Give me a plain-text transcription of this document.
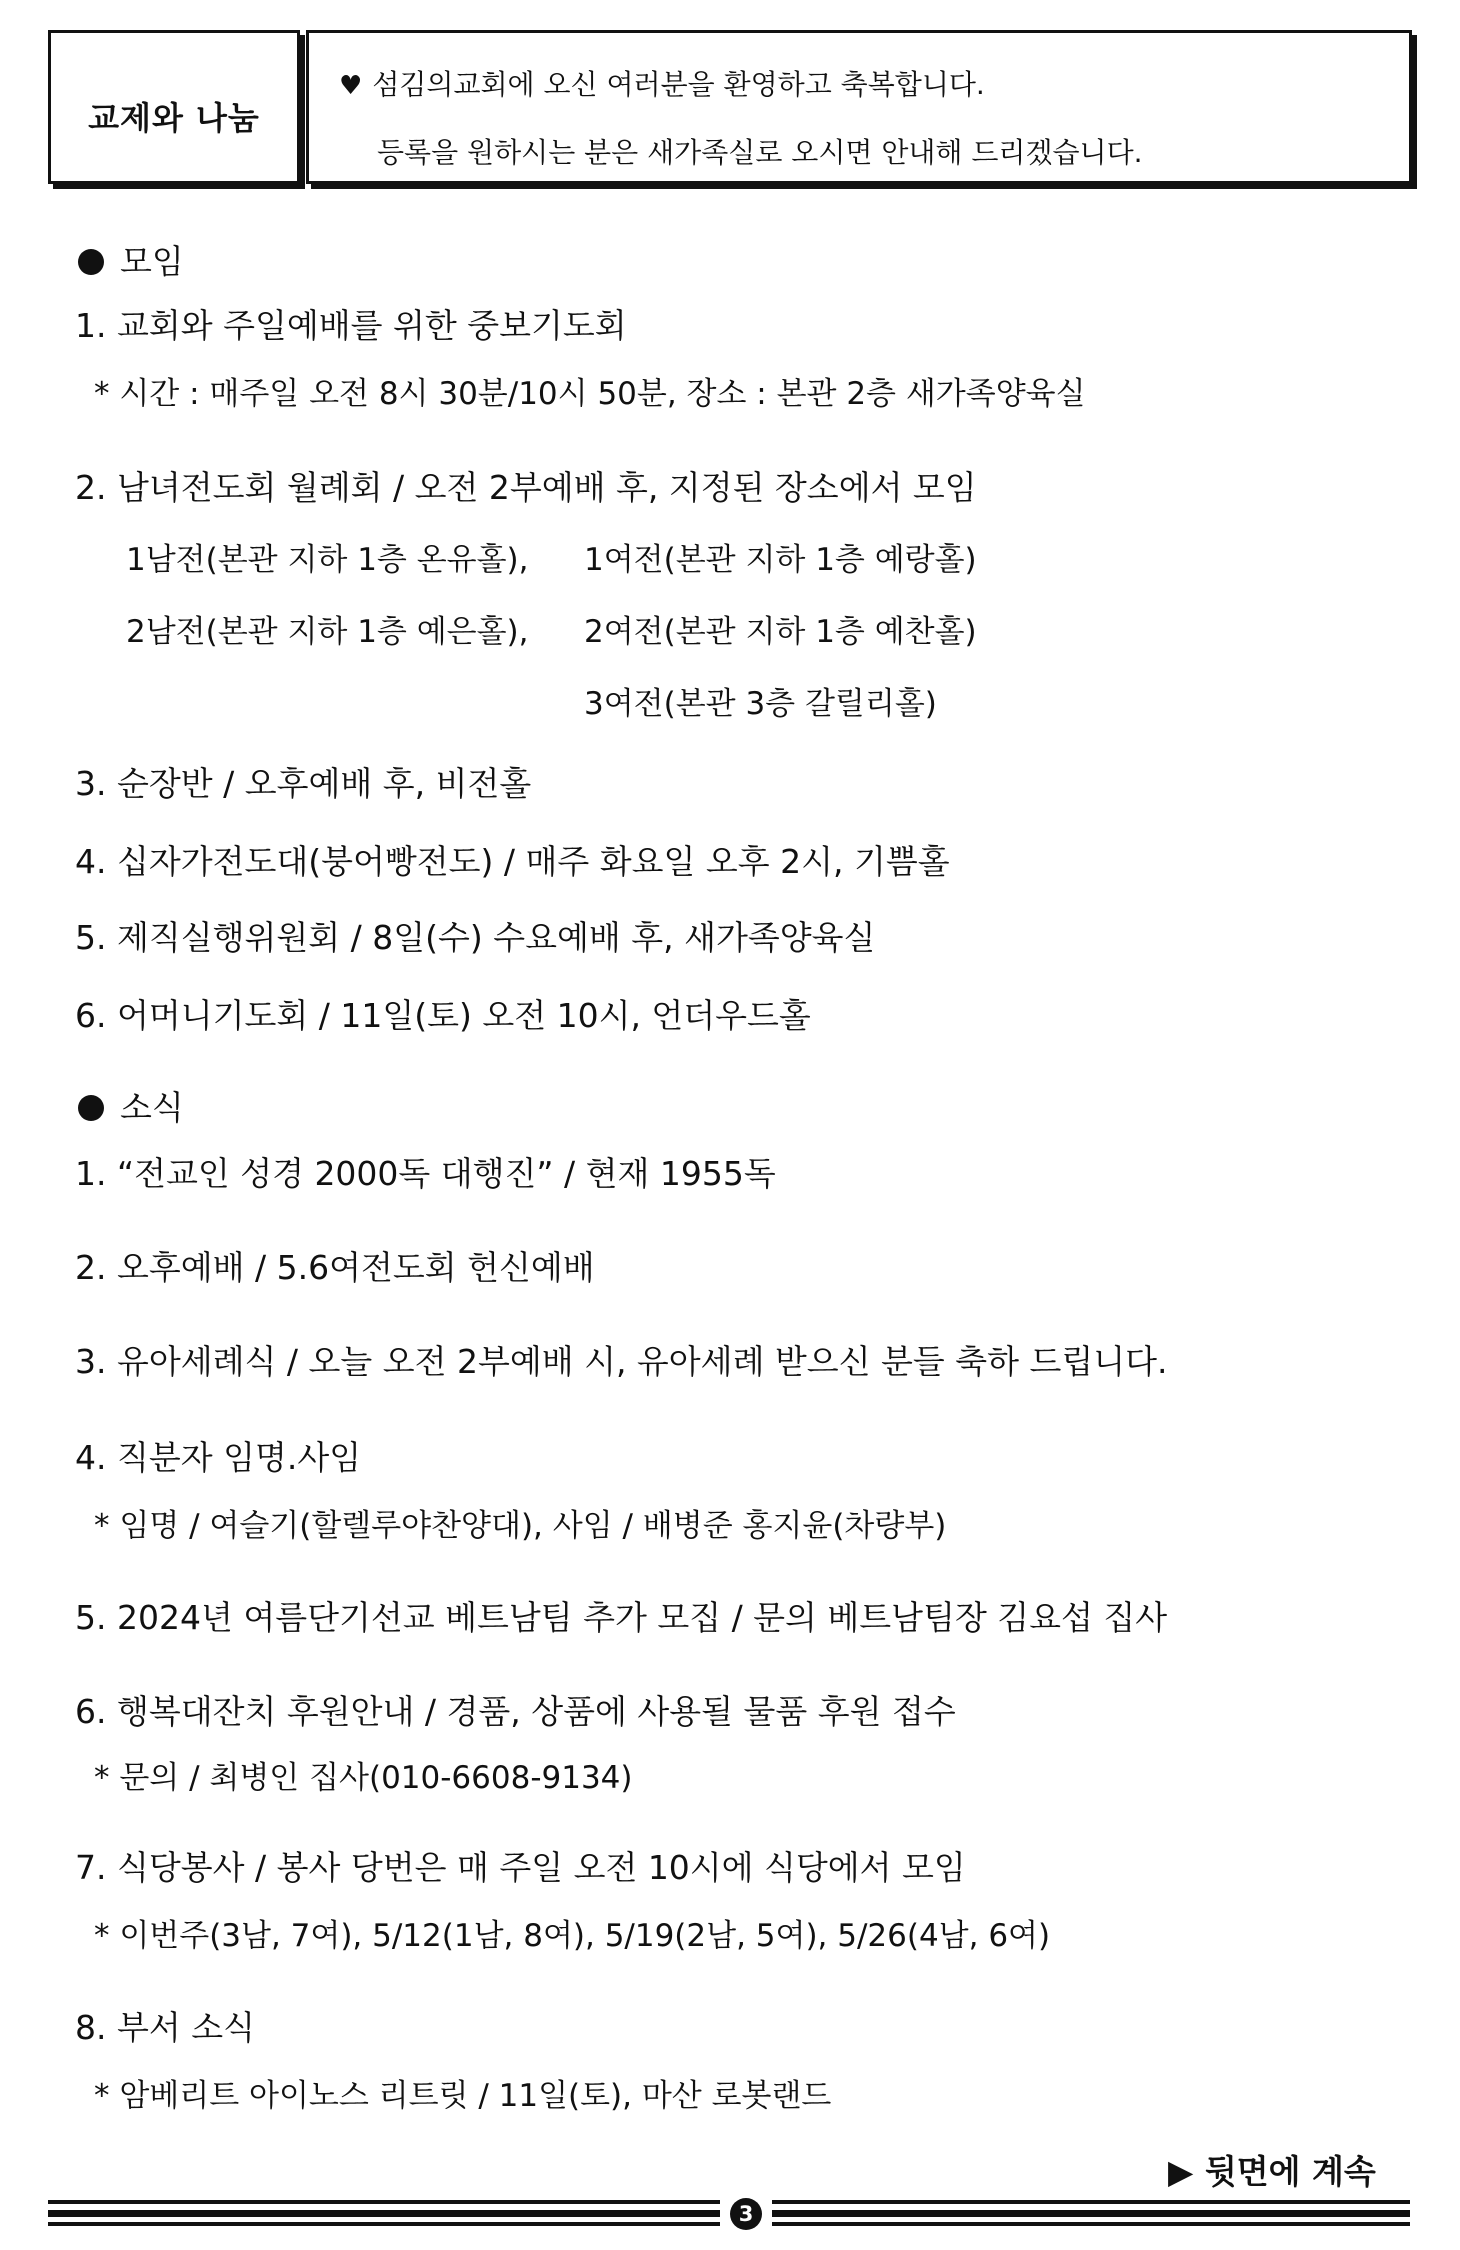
교제와 나눔
♥ 섬김의교회에 오신 여러분을 환영하고 축복합니다.
등록을 원하시는 분은 새가족실로 오시면 안내해 드리겠습니다.
모임
1. 교회와 주일예배를 위한 중보기도회
* 시간 : 매주일 오전 8시 30분/10시 50분, 장소 : 본관 2층 새가족양육실
2. 남녀전도회 월례회 / 오전 2부예배 후, 지정된 장소에서 모임
1남전(본관 지하 1층 온유홀), 1여전(본관 지하 1층 예랑홀)
2남전(본관 지하 1층 예은홀), 2여전(본관 지하 1층 예찬홀)
3여전(본관 3층 갈릴리홀)
3. 순장반 / 오후예배 후, 비전홀
4. 십자가전도대(붕어빵전도) / 매주 화요일 오후 2시, 기쁨홀
5. 제직실행위원회 / 8일(수) 수요예배 후, 새가족양육실
6. 어머니기도회 / 11일(토) 오전 10시, 언더우드홀
소식
1. “전교인 성경 2000독 대행진” / 현재 1955독
2. 오후예배 / 5.6여전도회 헌신예배
3. 유아세례식 / 오늘 오전 2부예배 시, 유아세례 받으신 분들 축하 드립니다.
4. 직분자 임명.사임
* 임명 / 여슬기(할렐루야찬양대), 사임 / 배병준 홍지윤(차량부)
5. 2024년 여름단기선교 베트남팀 추가 모집 / 문의 베트남팀장 김요섭 집사
6. 행복대잔치 후원안내 / 경품, 상품에 사용될 물품 후원 접수
* 문의 / 최병인 집사(010-6608-9134)
7. 식당봉사 / 봉사 당번은 매 주일 오전 10시에 식당에서 모임
* 이번주(3남, 7여), 5/12(1남, 8여), 5/19(2남, 5여), 5/26(4남, 6여)
8. 부서 소식
* 암베리트 아이노스 리트릿 / 11일(토), 마산 로봇랜드
▶ 뒷면에 계속
3
